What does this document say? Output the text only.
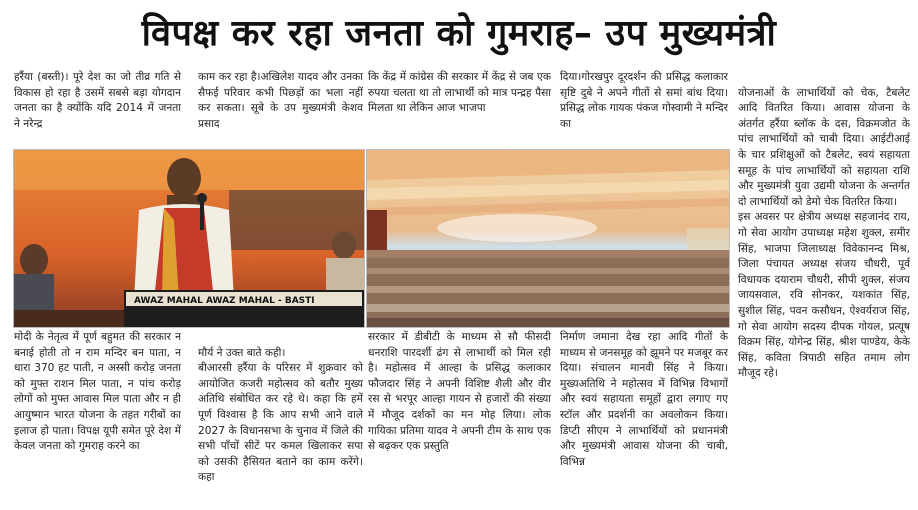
विपक्ष कर रहा जनता को गुमराह– उप मुख्यमंत्री

हर्रैया (बस्ती)। पूरे देश का जो तीव्र गति से विकास हो रहा है उसमें सबसे बड़ा योगदान जनता का है क्योंकि यदि 2014 में जनता ने नरेन्द्र

मोदी के नेतृत्व में पूर्ण बहुमत की सरकार न बनाई होती तो न राम मन्दिर बन पाता, न धारा 370 हट पाती, न अस्सी करोड़ जनता को मुफ्त राशन मिल पाता, न पांच करोड़ लोगों को मुफ्त आवास मिल पाता और न ही आयुष्मान भारत योजना के तहत गरीबों का इलाज हो पाता। विपक्ष यूपी समेत पूरे देश में केवल जनता को गुमराह करने का

काम कर रहा है।अखिलेश यादव और उनका सैफई परिवार कभी पिछड़ों का भला नहीं कर सकता। सूबे के उप मुख्यमंत्री केशव प्रसाद

मौर्य ने उक्त बाते कही।
बीआरसी हर्रैया के परिसर में शुक्रवार को आयोजित कजरी महोत्सव को बतौर मुख्य अतिथि संबोधित कर रहे थे। कहा कि हमें पूर्ण विश्वास है कि आप सभी आने वाले 2027 के विधानसभा के चुनाव में जिले की सभी पाँचों सीटें पर कमल खिलाकर सपा को उसकी हैसियत बताने का काम करेंगे। कहा

कि केंद्र में कांग्रेस की सरकार में केंद्र से जब एक रुपया चलता था तो लाभार्थी को मात्र पन्द्रह पैसा मिलता था लेकिन आज भाजपा

सरकार में डीबीटी के माध्यम से सौ फीसदी धनराशि पारदर्शी ढंग से लाभार्थी को मिल रही है। महोत्सव में आल्हा के प्रसिद्ध कलाकार फौजदार सिंह ने अपनी विशिष्ट शैली और वीर रस से भरपूर आल्हा गायन से हजारों की संख्या में मौजूद दर्शकों का मन मोह लिया। लोक गायिका प्रतिमा यादव ने अपनी टीम के साथ एक से बढ़कर एक प्रस्तुति

दिया।गोरखपुर दूरदर्शन की प्रसिद्ध कलाकार सृष्टि दुबे ने अपने गीतों से समां बांध दिया। प्रसिद्ध लोक गायक पंकज गोस्वामी ने मन्दिर का

निर्माण जमाना देख रहा आदि गीतों के माध्यम से जनसमूह को झूमने पर मजबूर कर दिया। संचालन मानवी सिंह ने किया। मुख्यअतिथि ने महोत्सव में विभिन्न विभागों और स्वयं सहायता समूहों द्वारा लगाए गए स्टॉल और प्रदर्शनी का अवलोकन किया। डिप्टी सीएम ने लाभार्थियों को प्रधानमंत्री और मुख्यमंत्री आवास योजना की चाबी, विभिन्न

योजनाओं के लाभार्थियों को चेक, टैबलेट आदि वितरित किया। आवास योजना के अंतर्गत हर्रैया ब्लॉक के दस, विक्रमजोत के पांच लाभार्थियों को चाबी दिया। आईटीआई के चार प्रशिक्षुओं को टैबलेट, स्वयं सहायता समूह के पांच लाभार्थियों को सहायता राशि और मुख्यमंत्री युवा उद्यमी योजना के अन्तर्गत दो लाभार्थियों को डेमो चेक वितरित किया।
इस अवसर पर क्षेत्रीय अध्यक्ष सहजानंद राय, गो सेवा आयोग उपाध्यक्ष महेश शुक्ल, समीर सिंह, भाजपा जिलाध्यक्ष विवेकानन्द मिश्र, जिला पंचायत अध्यक्ष संजय चौधरी, पूर्व विधायक दयाराम चौधरी, सीपी शुक्ल, संजय जायसवाल, रवि सोनकर, यशकांत सिंह, सुशील सिंह, पवन कसौधन, ऐश्वर्यराज सिंह, गो सेवा आयोग सदस्य दीपक गोयल, प्रत्यूष विक्रम सिंह, योगेन्द्र सिंह, श्रीश पाण्डेय, केके सिंह, कविता त्रिपाठी सहित तमाम लोग मौजूद रहे।

AWAZ MAHAL AWAZ MAHAL - BASTI
